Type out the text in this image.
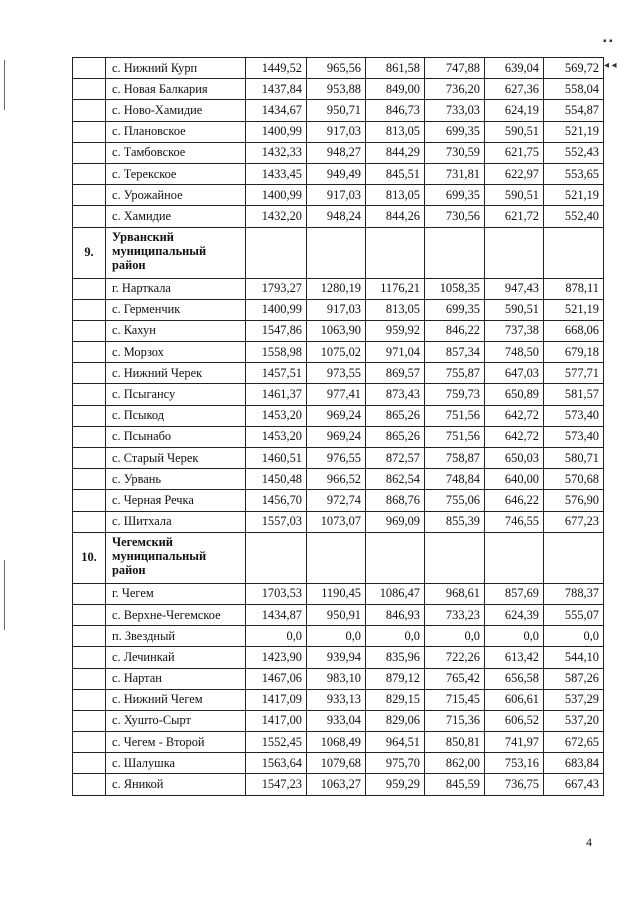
▪ ▪
◂ ◂
	с. Нижний Курп	1449,52	965,56	861,58	747,88	639,04	569,72
	с. Новая Балкария	1437,84	953,88	849,00	736,20	627,36	558,04
	с. Ново-Хамидие	1434,67	950,71	846,73	733,03	624,19	554,87
	с. Плановское	1400,99	917,03	813,05	699,35	590,51	521,19
	с. Тамбовское	1432,33	948,27	844,29	730,59	621,75	552,43
	с. Терекское	1433,45	949,49	845,51	731,81	622,97	553,65
	с. Урожайное	1400,99	917,03	813,05	699,35	590,51	521,19
	с. Хамидие	1432,20	948,24	844,26	730,56	621,72	552,40
9.	Урванский муниципальный район						
	г. Нарткала	1793,27	1280,19	1176,21	1058,35	947,43	878,11
	с. Герменчик	1400,99	917,03	813,05	699,35	590,51	521,19
	с. Кахун	1547,86	1063,90	959,92	846,22	737,38	668,06
	с. Морзох	1558,98	1075,02	971,04	857,34	748,50	679,18
	с. Нижний Черек	1457,51	973,55	869,57	755,87	647,03	577,71
	с. Псыгансу	1461,37	977,41	873,43	759,73	650,89	581,57
	с. Псыкод	1453,20	969,24	865,26	751,56	642,72	573,40
	с. Псынабо	1453,20	969,24	865,26	751,56	642,72	573,40
	с. Старый Черек	1460,51	976,55	872,57	758,87	650,03	580,71
	с. Урвань	1450,48	966,52	862,54	748,84	640,00	570,68
	с. Черная Речка	1456,70	972,74	868,76	755,06	646,22	576,90
	с. Шитхала	1557,03	1073,07	969,09	855,39	746,55	677,23
10.	Чегемский муниципальный район						
	г. Чегем	1703,53	1190,45	1086,47	968,61	857,69	788,37
	с. Верхне-Чегемское	1434,87	950,91	846,93	733,23	624,39	555,07
	п. Звездный	0,0	0,0	0,0	0,0	0,0	0,0
	с. Лечинкай	1423,90	939,94	835,96	722,26	613,42	544,10
	с. Нартан	1467,06	983,10	879,12	765,42	656,58	587,26
	с. Нижний Чегем	1417,09	933,13	829,15	715,45	606,61	537,29
	с. Хушто-Сырт	1417,00	933,04	829,06	715,36	606,52	537,20
	с. Чегем - Второй	1552,45	1068,49	964,51	850,81	741,97	672,65
	с. Шалушка	1563,64	1079,68	975,70	862,00	753,16	683,84
	с. Яникой	1547,23	1063,27	959,29	845,59	736,75	667,43
4
